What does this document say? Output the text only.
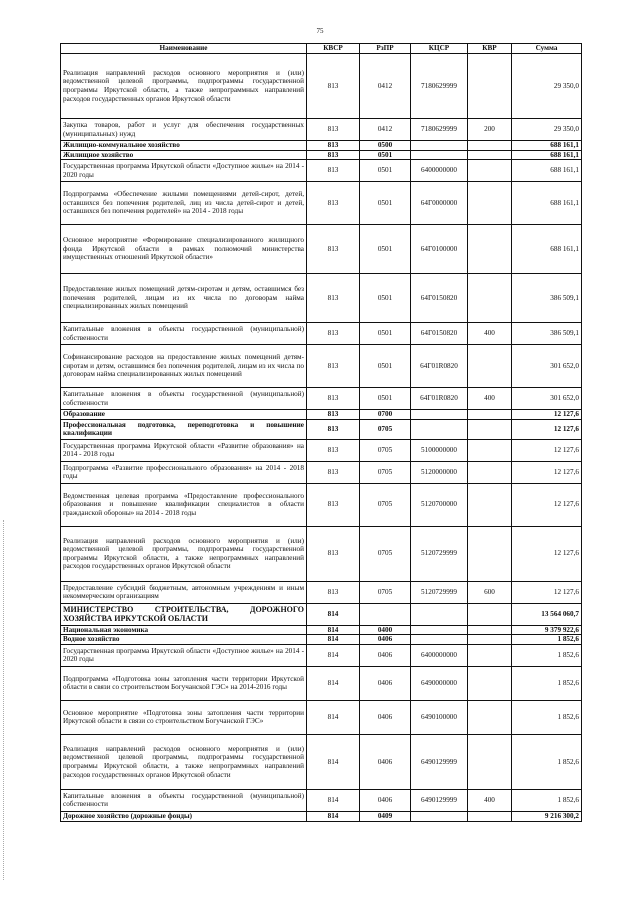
75
Наименование	КВСР	РзПР	КЦСР	КВР	Сумма
Реализация направлений расходов основного мероприятия и (или) ведомственной целевой программы, подпрограммы государственной программы Иркутской области, а также непрограммных направлений расходов государственных органов Иркутской области	813	0412	7180629999		29 350,0
Закупка товаров, работ и услуг для обеспечения государственных (муниципальных) нужд	813	0412	7180629999	200	29 350,0
Жилищно-коммунальное хозяйство	813	0500			688 161,1
Жилищное хозяйство	813	0501			688 161,1
Государственная программа Иркутской области «Доступное жилье» на 2014 - 2020 годы	813	0501	6400000000		688 161,1
Подпрограмма «Обеспечение жилыми помещениями детей-сирот, детей, оставшихся без попечения родителей, лиц из числа детей-сирот и детей, оставшихся без попечения родителей» на 2014 - 2018 годы	813	0501	64Г0000000		688 161,1
Основное мероприятие «Формирование специализированного жилищного фонда Иркутской области в рамках полномочий министерства имущественных отношений Иркутской области»	813	0501	64Г0100000		688 161,1
Предоставление жилых помещений детям-сиротам и детям, оставшимся без попечения родителей, лицам из их числа по договорам найма специализированных жилых помещений	813	0501	64Г0150820		386 509,1
Капитальные вложения в объекты государственной (муниципальной) собственности	813	0501	64Г0150820	400	386 509,1
Софинансирование расходов на предоставление жилых помещений детям-сиротам и детям, оставшимся без попечения родителей, лицам из их числа по договорам найма специализированных жилых помещений	813	0501	64Г01R0820		301 652,0
Капитальные вложения в объекты государственной (муниципальной) собственности	813	0501	64Г01R0820	400	301 652,0
Образование	813	0700			12 127,6
Профессиональная подготовка, переподготовка и повышение квалификации	813	0705			12 127,6
Государственная программа Иркутской области «Развитие образования» на 2014 - 2018 годы	813	0705	5100000000		12 127,6
Подпрограмма «Развитие профессионального образования» на 2014 - 2018 годы	813	0705	5120000000		12 127,6
Ведомственная целевая программа «Предоставление профессионального образования и повышение квалификации специалистов в области гражданской обороны» на 2014 - 2018 годы	813	0705	5120700000		12 127,6
Реализация направлений расходов основного мероприятия и (или) ведомственной целевой программы, подпрограммы государственной программы Иркутской области, а также непрограммных направлений расходов государственных органов Иркутской области	813	0705	5120729999		12 127,6
Предоставление субсидий бюджетным, автономным учреждениям и иным некоммерческим организациям	813	0705	5120729999	600	12 127,6
МИНИСТЕРСТВО СТРОИТЕЛЬСТВА, ДОРОЖНОГО ХОЗЯЙСТВА ИРКУТСКОЙ ОБЛАСТИ	814				13 564 060,7
Национальная экономика	814	0400			9 379 922,6
Водное хозяйство	814	0406			1 852,6
Государственная программа Иркутской области «Доступное жилье» на 2014 - 2020 годы	814	0406	6400000000		1 852,6
Подпрограмма «Подготовка зоны затопления части территории Иркутской области в связи со строительством Богучанской ГЭС» на 2014-2016 годы	814	0406	6490000000		1 852,6
Основное мероприятие «Подготовка зоны затопления части территории Иркутской области в связи со строительством Богучанской ГЭС»	814	0406	6490100000		1 852,6
Реализация направлений расходов основного мероприятия и (или) ведомственной целевой программы, подпрограммы государственной программы Иркутской области, а также непрограммных направлений расходов государственных органов Иркутской области	814	0406	6490129999		1 852,6
Капитальные вложения в объекты государственной (муниципальной) собственности	814	0406	6490129999	400	1 852,6
Дорожное хозяйство (дорожные фонды)	814	0409			9 216 300,2
